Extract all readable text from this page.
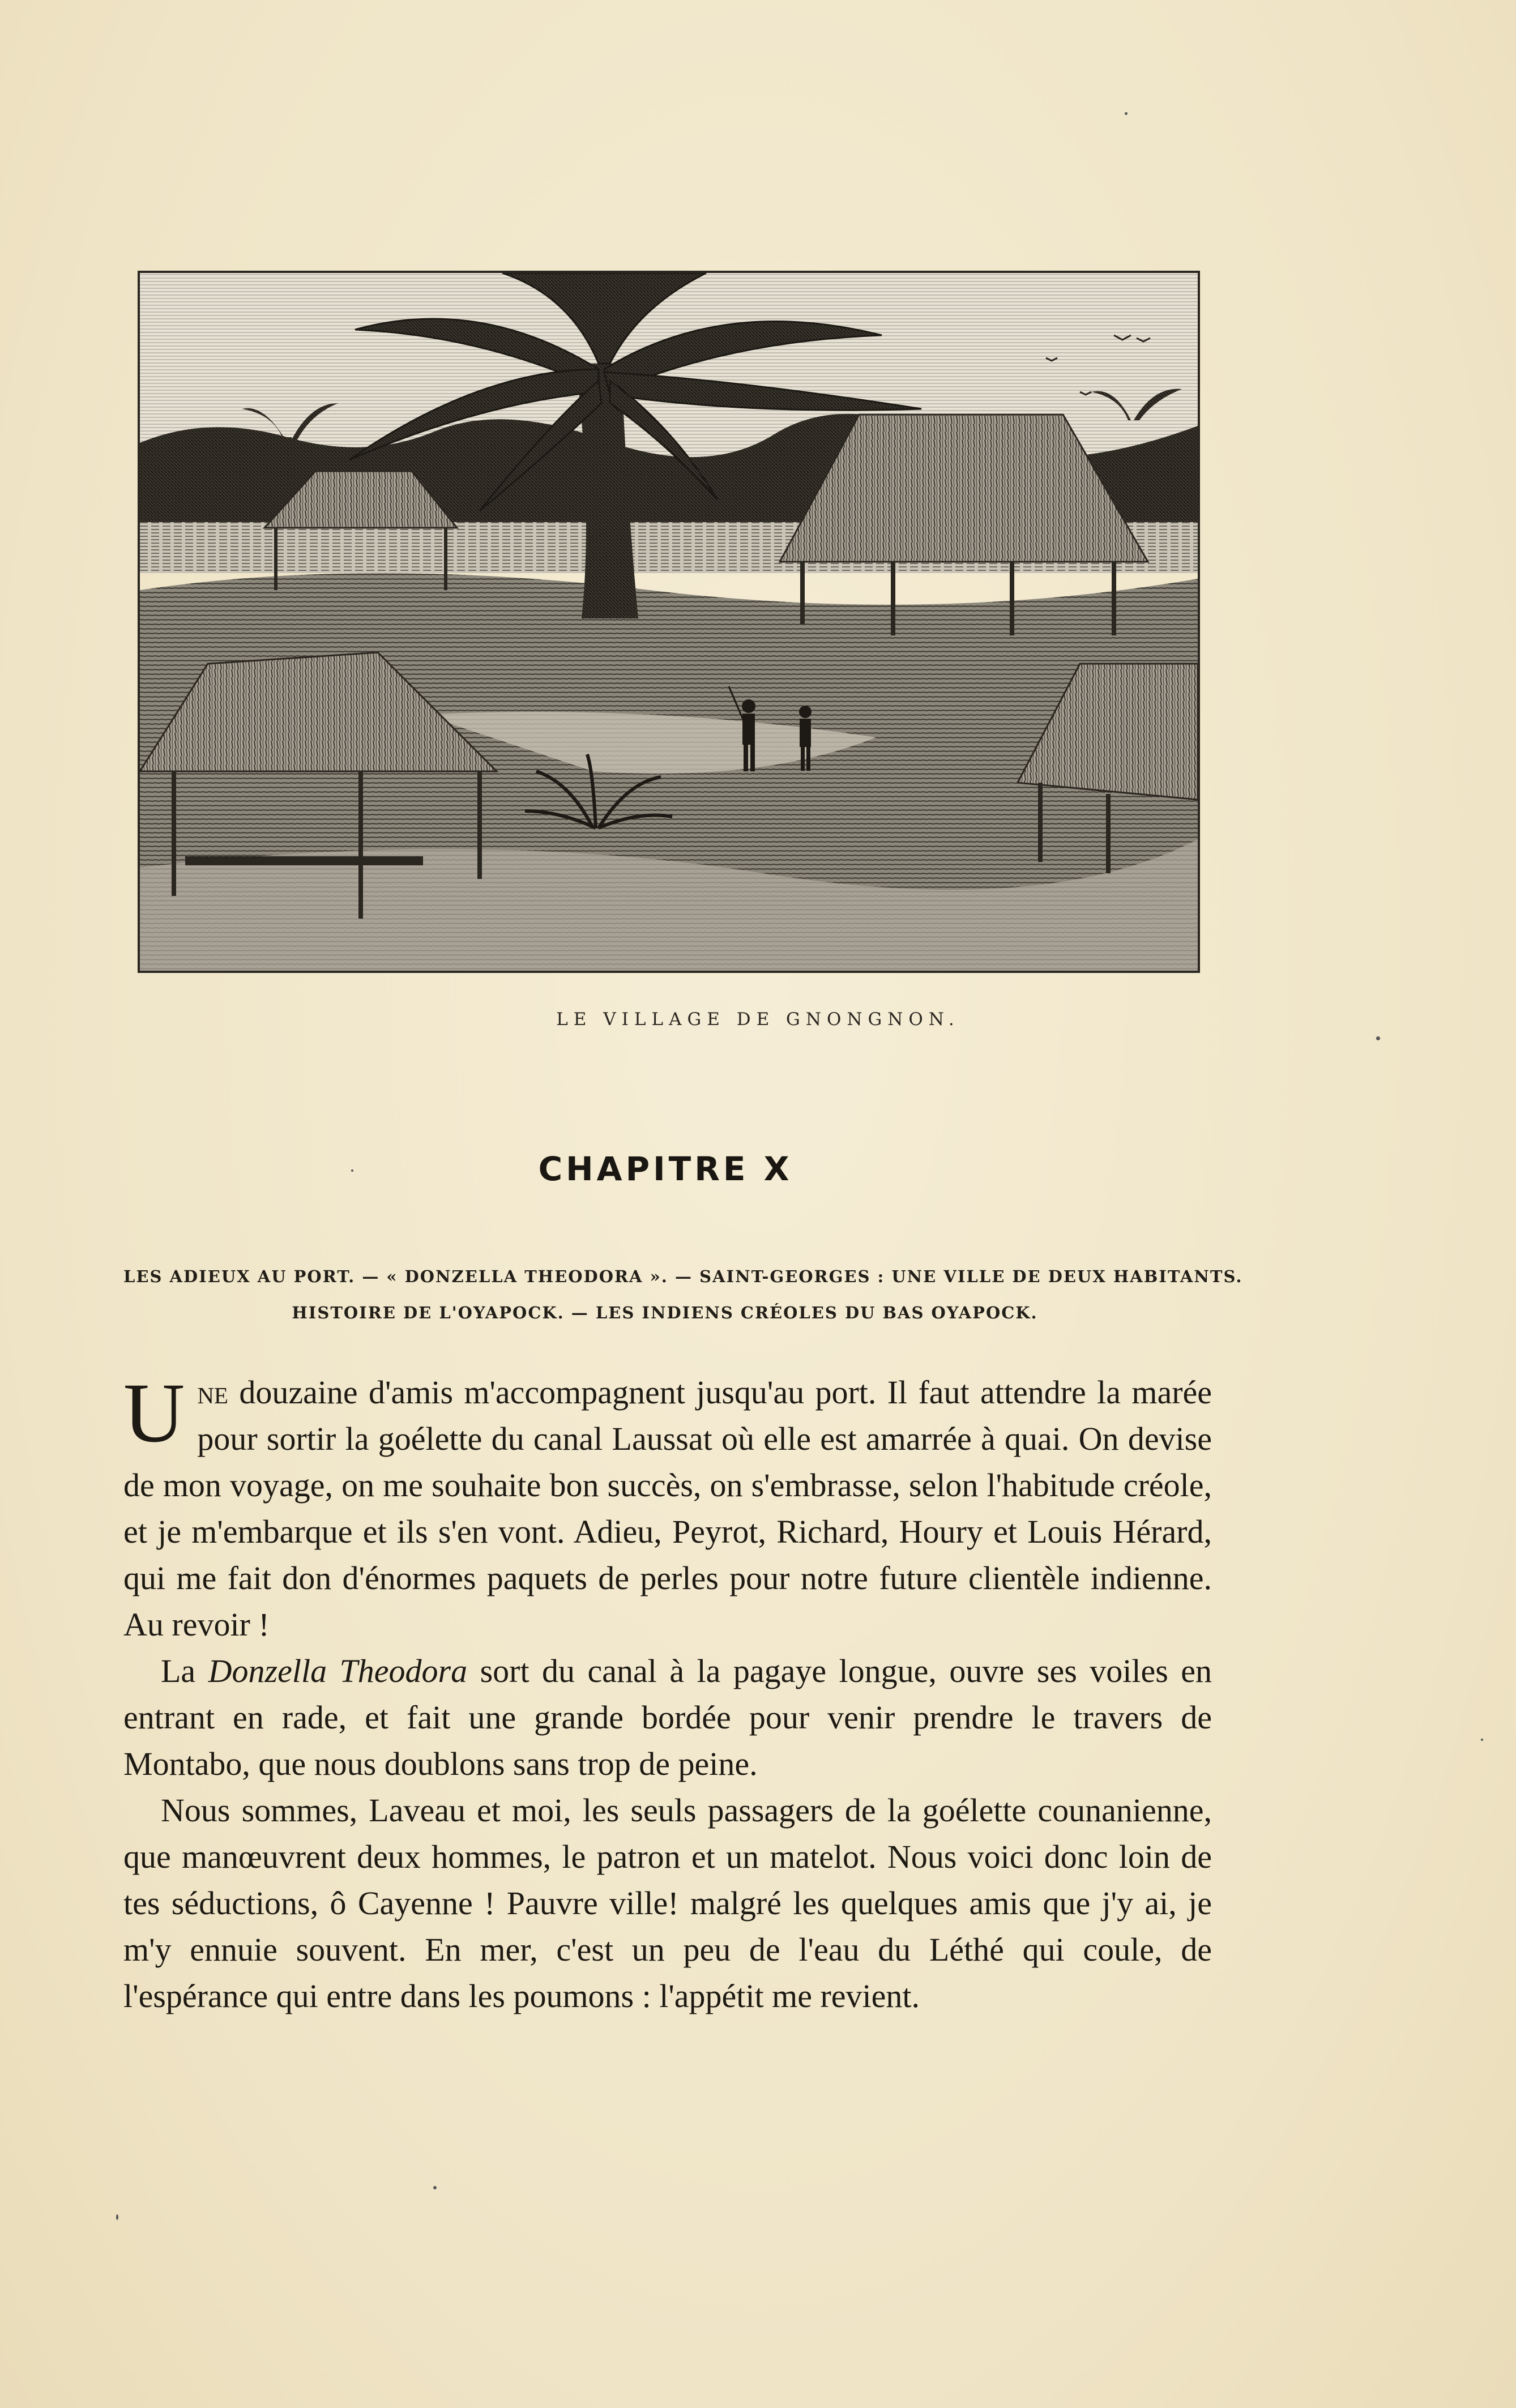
LE VILLAGE DE GNONGNON.
CHAPITRE X
LES ADIEUX AU PORT. — « DONZELLA THEODORA ». — SAINT-GEORGES : UNE VILLE DE DEUX HABITANTS.
HISTOIRE DE L'OYAPOCK. — LES INDIENS CRÉOLES DU BAS OYAPOCK.

Une douzaine d'amis m'accompagnent jusqu'au port. Il faut attendre la marée pour sortir la goélette du canal Laussat où elle est amarrée à quai. On devise de mon voyage, on me souhaite bon succès, on s'embrasse, selon l'habitude créole, et je m'embarque et ils s'en vont. Adieu, Peyrot, Richard, Houry et Louis Hérard, qui me fait don d'énormes paquets de perles pour notre future clientèle indienne. Au revoir !

La Donzella Theodora sort du canal à la pagaye longue, ouvre ses voiles en entrant en rade, et fait une grande bordée pour venir prendre le travers de Montabo, que nous doublons sans trop de peine.

Nous sommes, Laveau et moi, les seuls passagers de la goélette counanienne, que manœuvrent deux hommes, le patron et un matelot. Nous voici donc loin de tes séductions, ô Cayenne ! Pauvre ville! malgré les quelques amis que j'y ai, je m'y ennuie souvent. En mer, c'est un peu de l'eau du Léthé qui coule, de l'espérance qui entre dans les poumons : l'appétit me revient.
